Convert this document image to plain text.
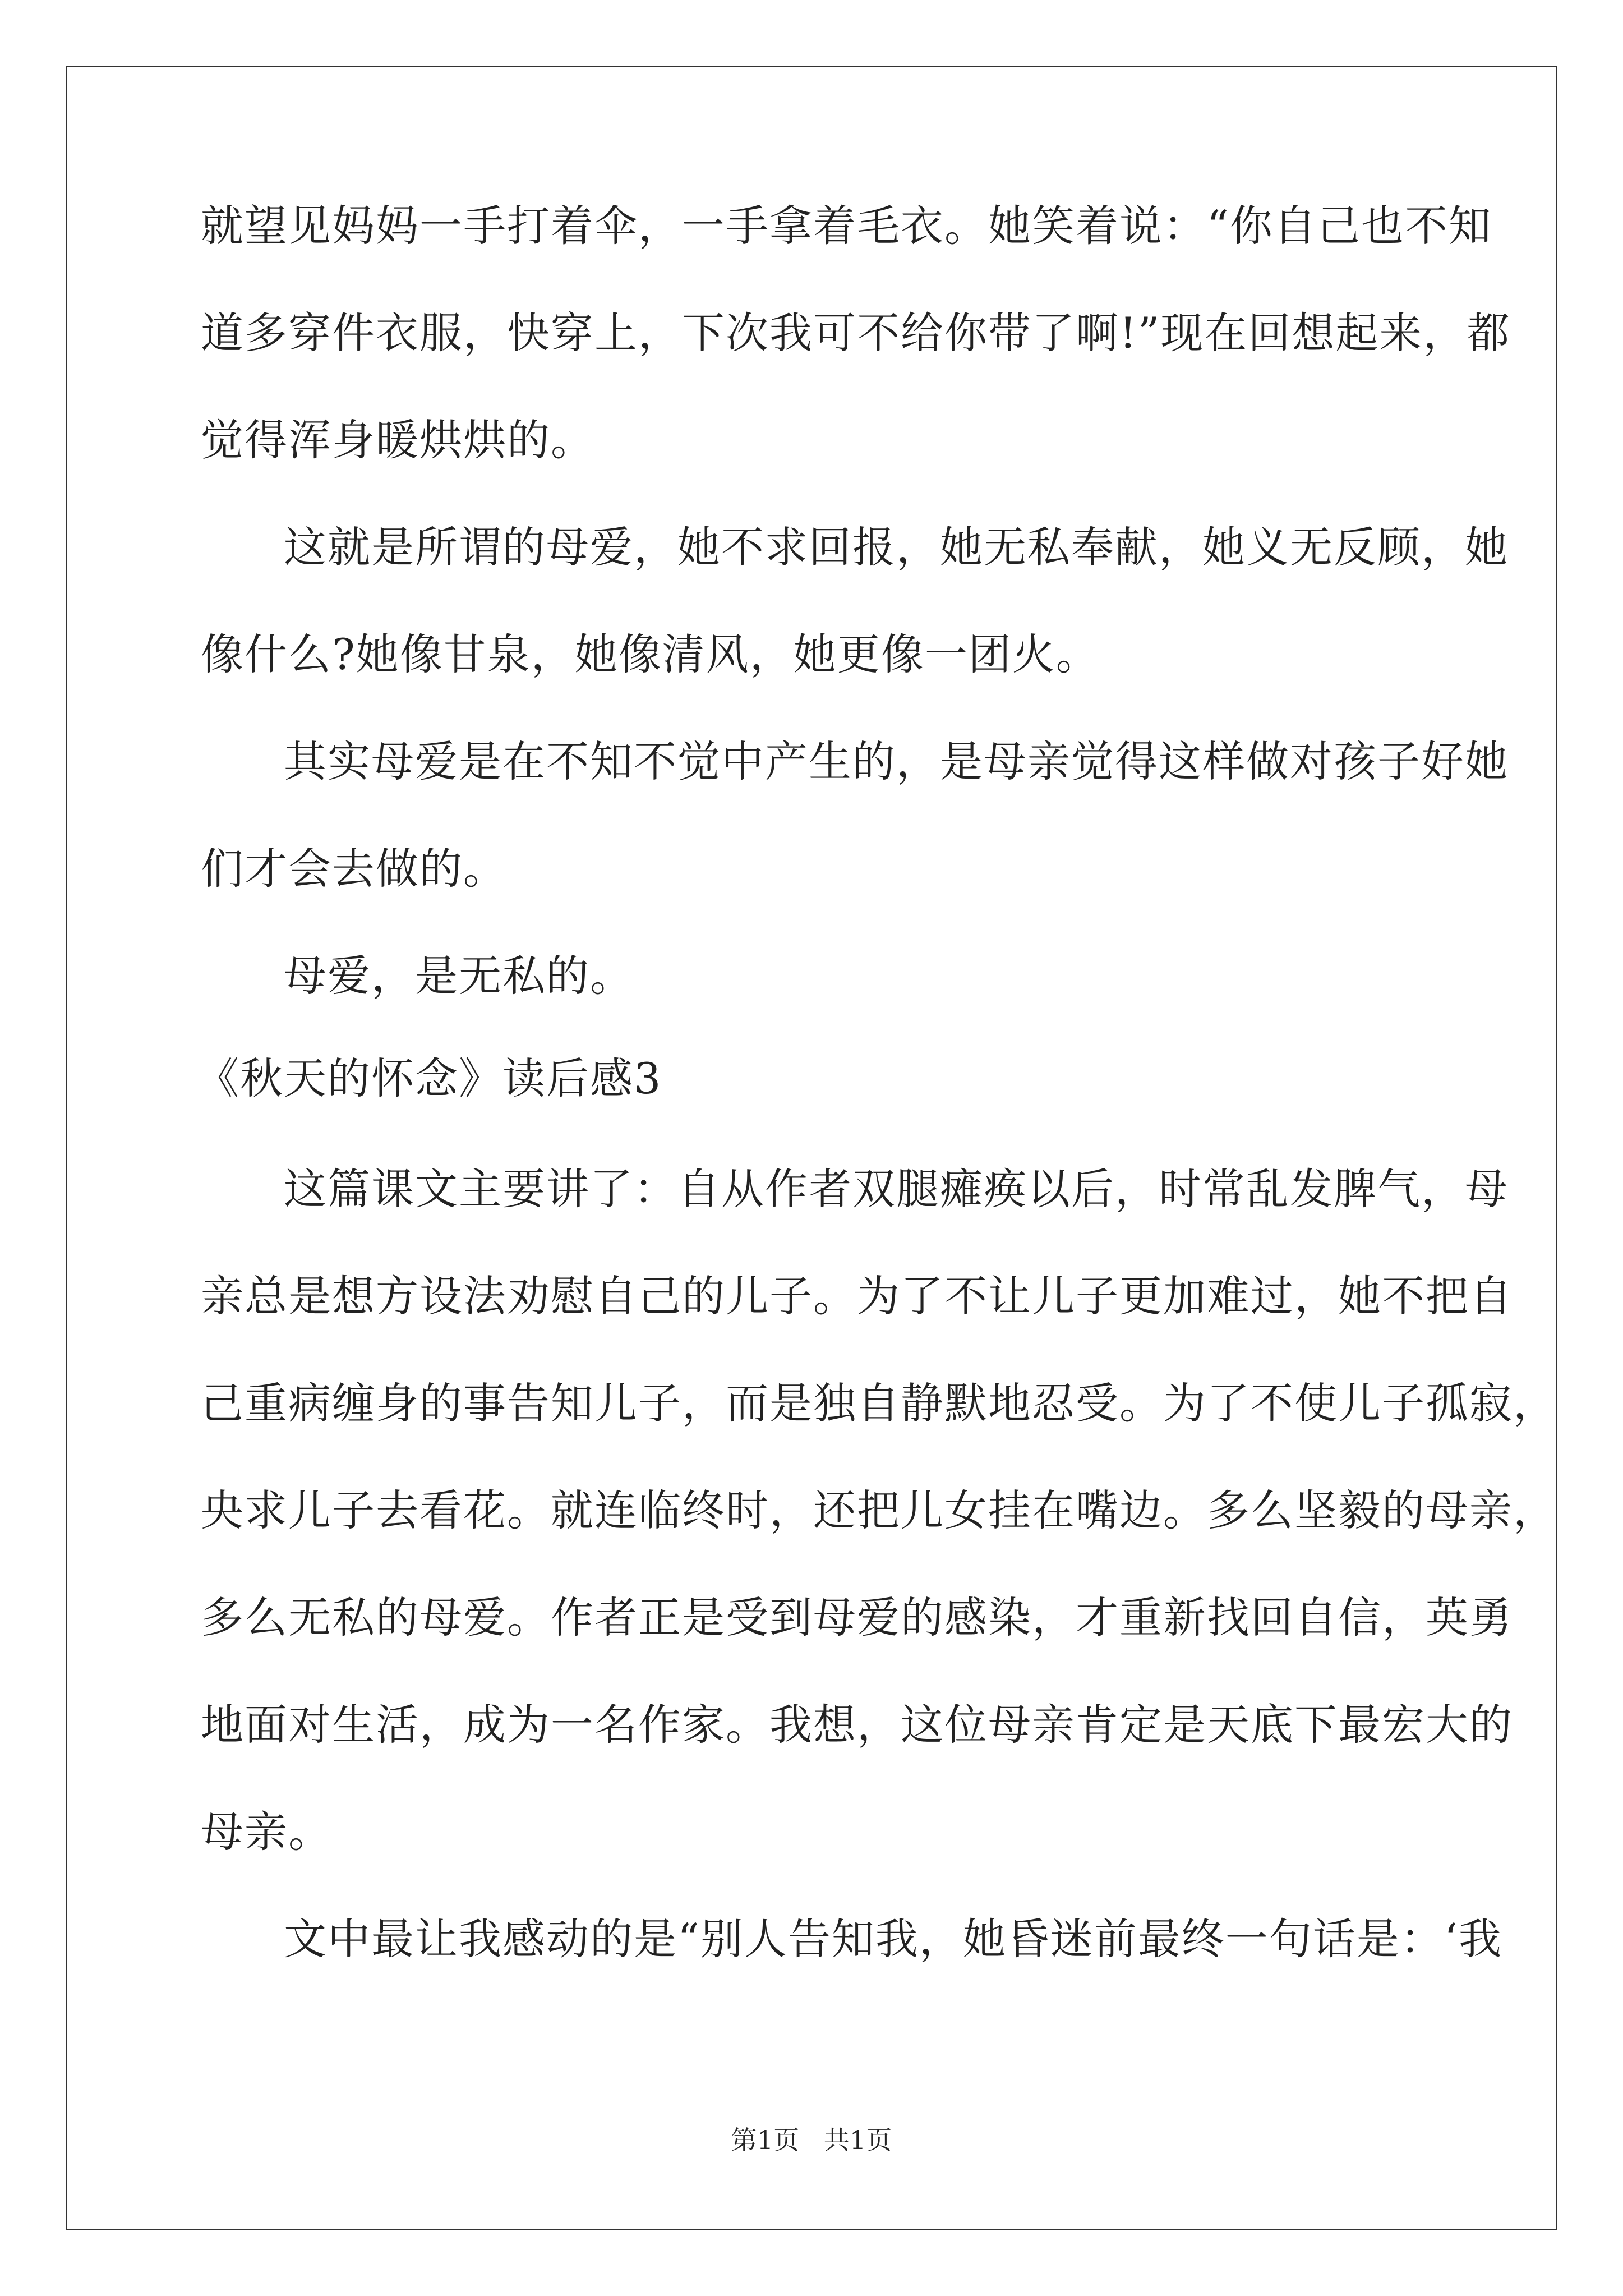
就望见妈妈一手打着伞，一手拿着毛衣。她笑着说：“你自己也不知

道多穿件衣服，快穿上，下次我可不给你带了啊!”现在回想起来，都

觉得浑身暖烘烘的。

这就是所谓的母爱，她不求回报，她无私奉献，她义无反顾，她

像什么?她像甘泉，她像清风，她更像一团火。

其实母爱是在不知不觉中产生的，是母亲觉得这样做对孩子好她

们才会去做的。

母爱，是无私的。

《秋天的怀念》读后感3

这篇课文主要讲了：自从作者双腿瘫痪以后，时常乱发脾气，母

亲总是想方设法劝慰自己的儿子。为了不让儿子更加难过，她不把自

己重病缠身的事告知儿子，而是独自静默地忍受。为了不使儿子孤寂，

央求儿子去看花。就连临终时，还把儿女挂在嘴边。多么坚毅的母亲，

多么无私的母爱。作者正是受到母爱的感染，才重新找回自信，英勇

地面对生活，成为一名作家。我想，这位母亲肯定是天底下最宏大的

母亲。

文中最让我感动的是“别人告知我，她昏迷前最终一句话是：‘我

第1页   共1页
